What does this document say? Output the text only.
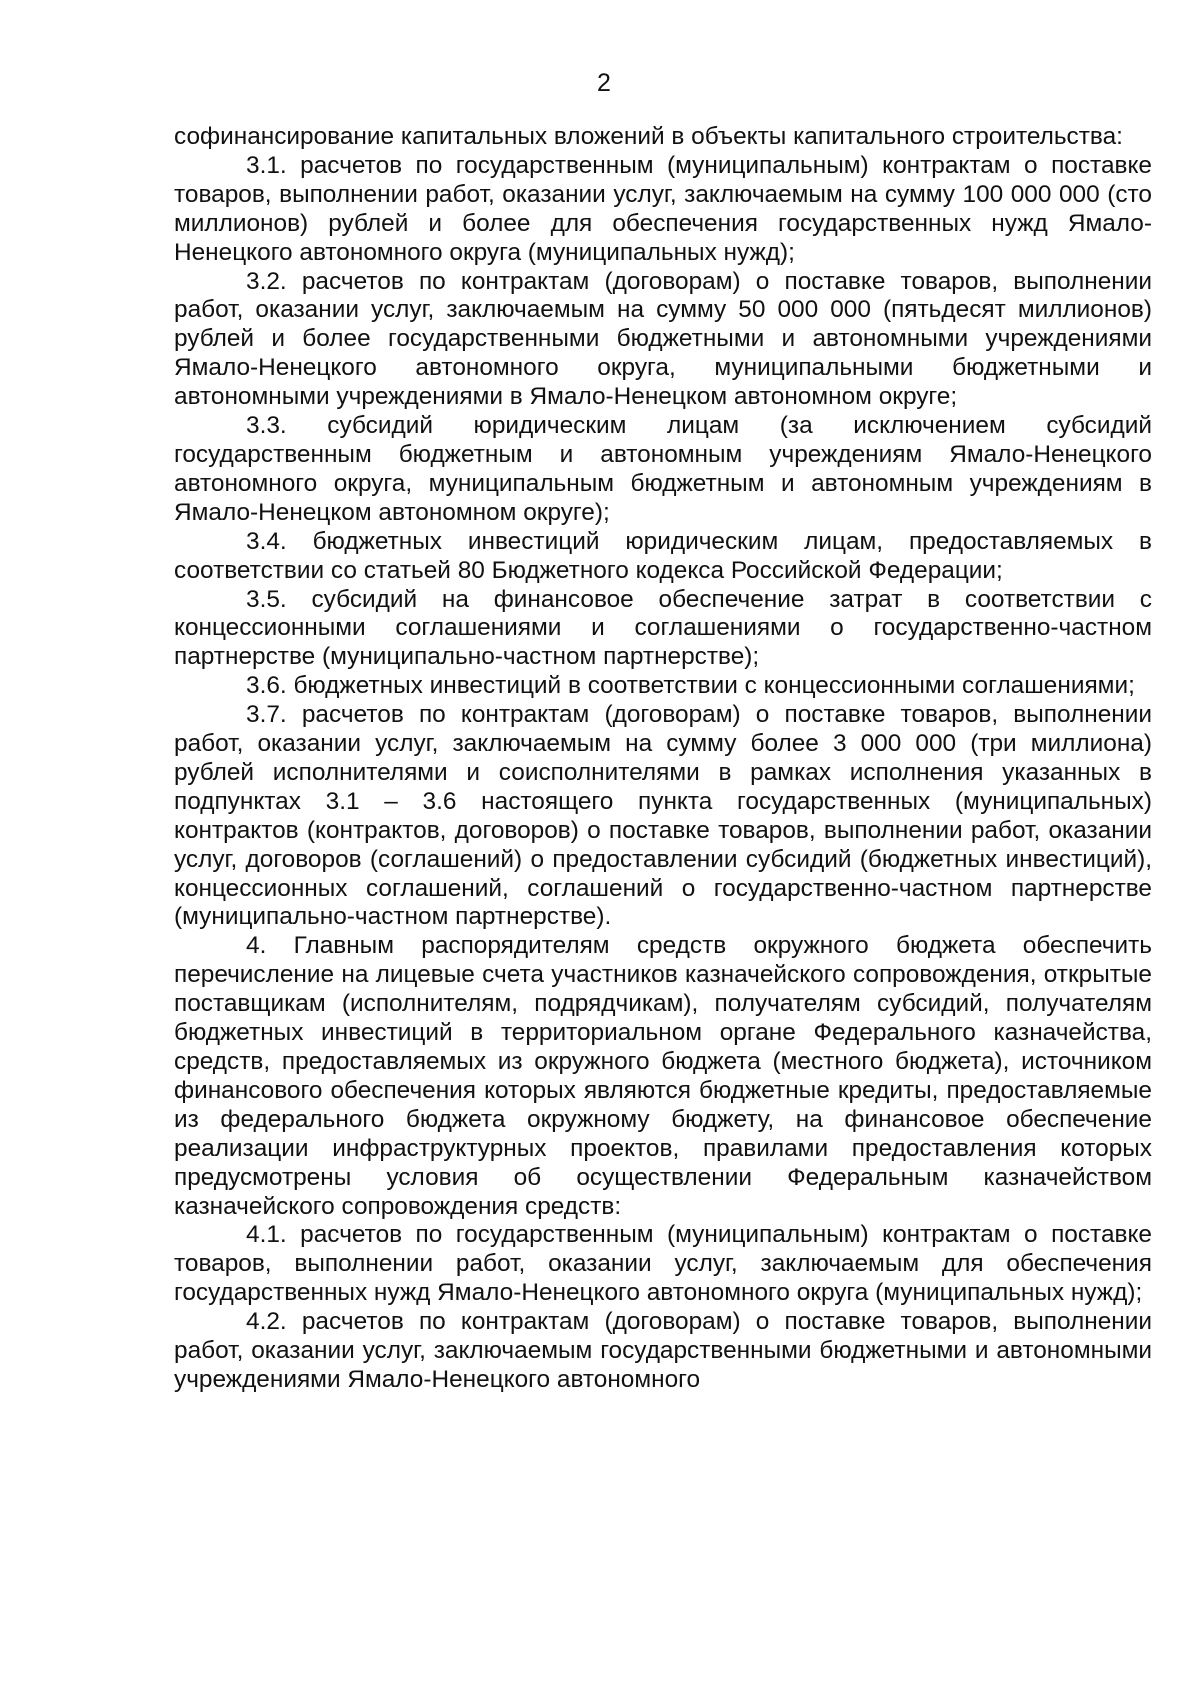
2

софинансирование капитальных вложений в объекты капитального строительства:

3.1. расчетов по государственным (муниципальным) контрактам о поставке товаров, выполнении работ, оказании услуг, заключаемым на сумму 100 000 000 (сто миллионов) рублей и более для обеспечения государственных нужд Ямало-Ненецкого автономного округа (муниципальных нужд);

3.2. расчетов по контрактам (договорам) о поставке товаров, выполнении работ, оказании услуг, заключаемым на сумму 50 000 000 (пятьдесят миллионов) рублей и более государственными бюджетными и автономными учреждениями Ямало-Ненецкого автономного округа, муниципальными бюджетными и автономными учреждениями в Ямало-Ненецком автономном округе;

3.3. субсидий юридическим лицам (за исключением субсидий государственным бюджетным и автономным учреждениям Ямало-Ненецкого автономного округа, муниципальным бюджетным и автономным учреждениям в Ямало-Ненецком автономном округе);

3.4. бюджетных инвестиций юридическим лицам, предоставляемых в соответствии со статьей 80 Бюджетного кодекса Российской Федерации;

3.5. субсидий на финансовое обеспечение затрат в соответствии с концессионными соглашениями и соглашениями о государственно-частном партнерстве (муниципально-частном партнерстве);

3.6. бюджетных инвестиций в соответствии с концессионными соглашениями;

3.7. расчетов по контрактам (договорам) о поставке товаров, выполнении работ, оказании услуг, заключаемым на сумму более 3 000 000 (три миллиона) рублей исполнителями и соисполнителями в рамках исполнения указанных в подпунктах 3.1 – 3.6 настоящего пункта государственных (муниципальных) контрактов (контрактов, договоров) о поставке товаров, выполнении работ, оказании услуг, договоров (соглашений) о предоставлении субсидий (бюджетных инвестиций), концессионных соглашений, соглашений о государственно-частном партнерстве (муниципально-частном партнерстве).

4. Главным распорядителям средств окружного бюджета обеспечить перечисление на лицевые счета участников казначейского сопровождения, открытые поставщикам (исполнителям, подрядчикам), получателям субсидий, получателям бюджетных инвестиций в территориальном органе Федерального казначейства, средств, предоставляемых из окружного бюджета (местного бюджета), источником финансового обеспечения которых являются бюджетные кредиты, предоставляемые из федерального бюджета окружному бюджету, на финансовое обеспечение реализации инфраструктурных проектов, правилами предоставления которых предусмотрены условия об осуществлении Федеральным казначейством казначейского сопровождения средств:

4.1. расчетов по государственным (муниципальным) контрактам о поставке товаров, выполнении работ, оказании услуг, заключаемым для обеспечения государственных нужд Ямало-Ненецкого автономного округа (муниципальных нужд);

4.2. расчетов по контрактам (договорам) о поставке товаров, выполнении работ, оказании услуг, заключаемым государственными бюджетными и автономными учреждениями Ямало-Ненецкого автономного
